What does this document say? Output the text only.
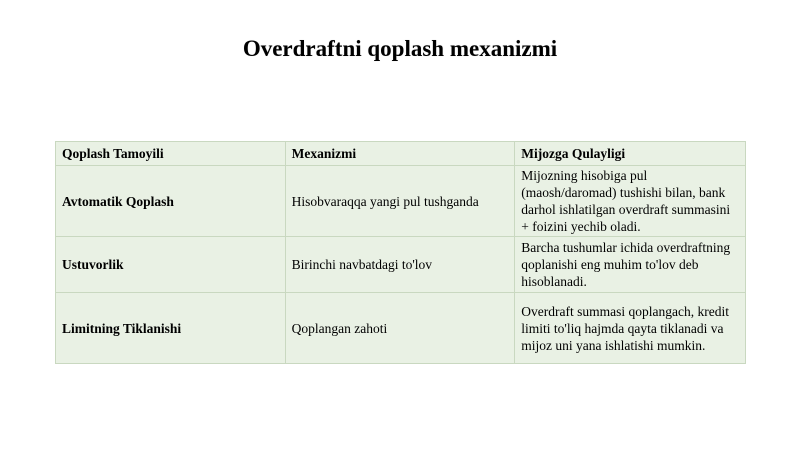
Overdraftni qoplash mexanizmi
Qoplash Tamoyili	Mexanizmi	Mijozga Qulayligi
Avtomatik Qoplash	Hisobvaraqqa yangi pul tushganda	Mijozning hisobiga pul (maosh/daromad) tushishi bilan, bank darhol ishlatilgan overdraft summasini + foizini yechib oladi.
Ustuvorlik	Birinchi navbatdagi to'lov	Barcha tushumlar ichida overdraftning qoplanishi eng muhim to'lov deb hisoblanadi.
Limitning Tiklanishi	Qoplangan zahoti	Overdraft summasi qoplangach, kredit limiti to'liq hajmda qayta tiklanadi va mijoz uni yana ishlatishi mumkin.
